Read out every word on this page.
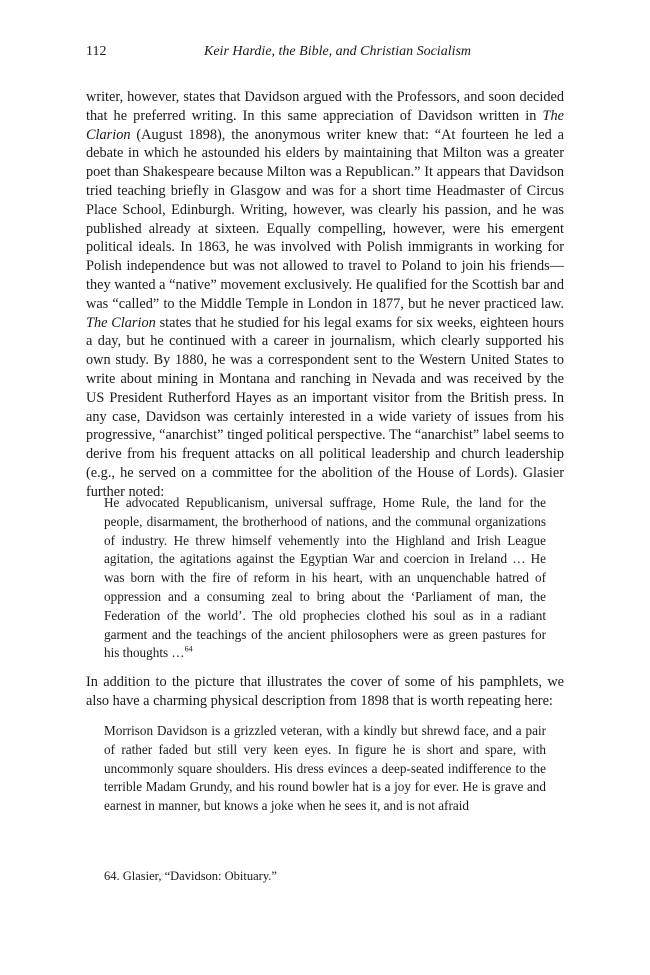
112	Keir Hardie, the Bible, and Christian Socialism

writer, however, states that Davidson argued with the Professors, and soon decided that he preferred writing. In this same appreciation of Davidson written in The Clarion (August 1898), the anonymous writer knew that: “At fourteen he led a debate in which he astounded his elders by maintaining that Milton was a greater poet than Shakespeare because Milton was a Republican.” It appears that Davidson tried teaching briefly in Glasgow and was for a short time Headmaster of Circus Place School, Edinburgh. Writing, however, was clearly his passion, and he was published already at sixteen. Equally compelling, however, were his emergent political ideals. In 1863, he was involved with Polish immigrants in working for Polish independence but was not allowed to travel to Poland to join his friends—they wanted a “native” movement exclusively. He qualified for the Scottish bar and was “called” to the Middle Temple in London in 1877, but he never practiced law. The Clarion states that he studied for his legal exams for six weeks, eighteen hours a day, but he continued with a career in journalism, which clearly supported his own study. By 1880, he was a correspondent sent to the Western United States to write about mining in Montana and ranching in Nevada and was received by the US President Rutherford Hayes as an important visitor from the British press. In any case, Davidson was certainly interested in a wide variety of issues from his progressive, “anarchist” tinged political perspective. The “anarchist” label seems to derive from his frequent attacks on all political leadership and church leadership (e.g., he served on a committee for the abolition of the House of Lords). Glasier further noted:

He advocated Republicanism, universal suffrage, Home Rule, the land for the people, disarmament, the brotherhood of nations, and the communal organizations of industry. He threw himself vehemently into the Highland and Irish League agitation, the agitations against the Egyptian War and coercion in Ireland … He was born with the fire of reform in his heart, with an unquenchable hatred of oppression and a consuming zeal to bring about the ‘Parliament of man, the Federation of the world’. The old prophecies clothed his soul as in a radiant garment and the teachings of the ancient philosophers were as green pastures for his thoughts …$^{64}$

In addition to the picture that illustrates the cover of some of his pamphlets, we also have a charming physical description from 1898 that is worth repeating here:

Morrison Davidson is a grizzled veteran, with a kindly but shrewd face, and a pair of rather faded but still very keen eyes. In figure he is short and spare, with uncommonly square shoulders. His dress evinces a deep-seated indifference to the terrible Madam Grundy, and his round bowler hat is a joy for ever. He is grave and earnest in manner, but knows a joke when he sees it, and is not afraid

64. Glasier, “Davidson: Obituary.”
